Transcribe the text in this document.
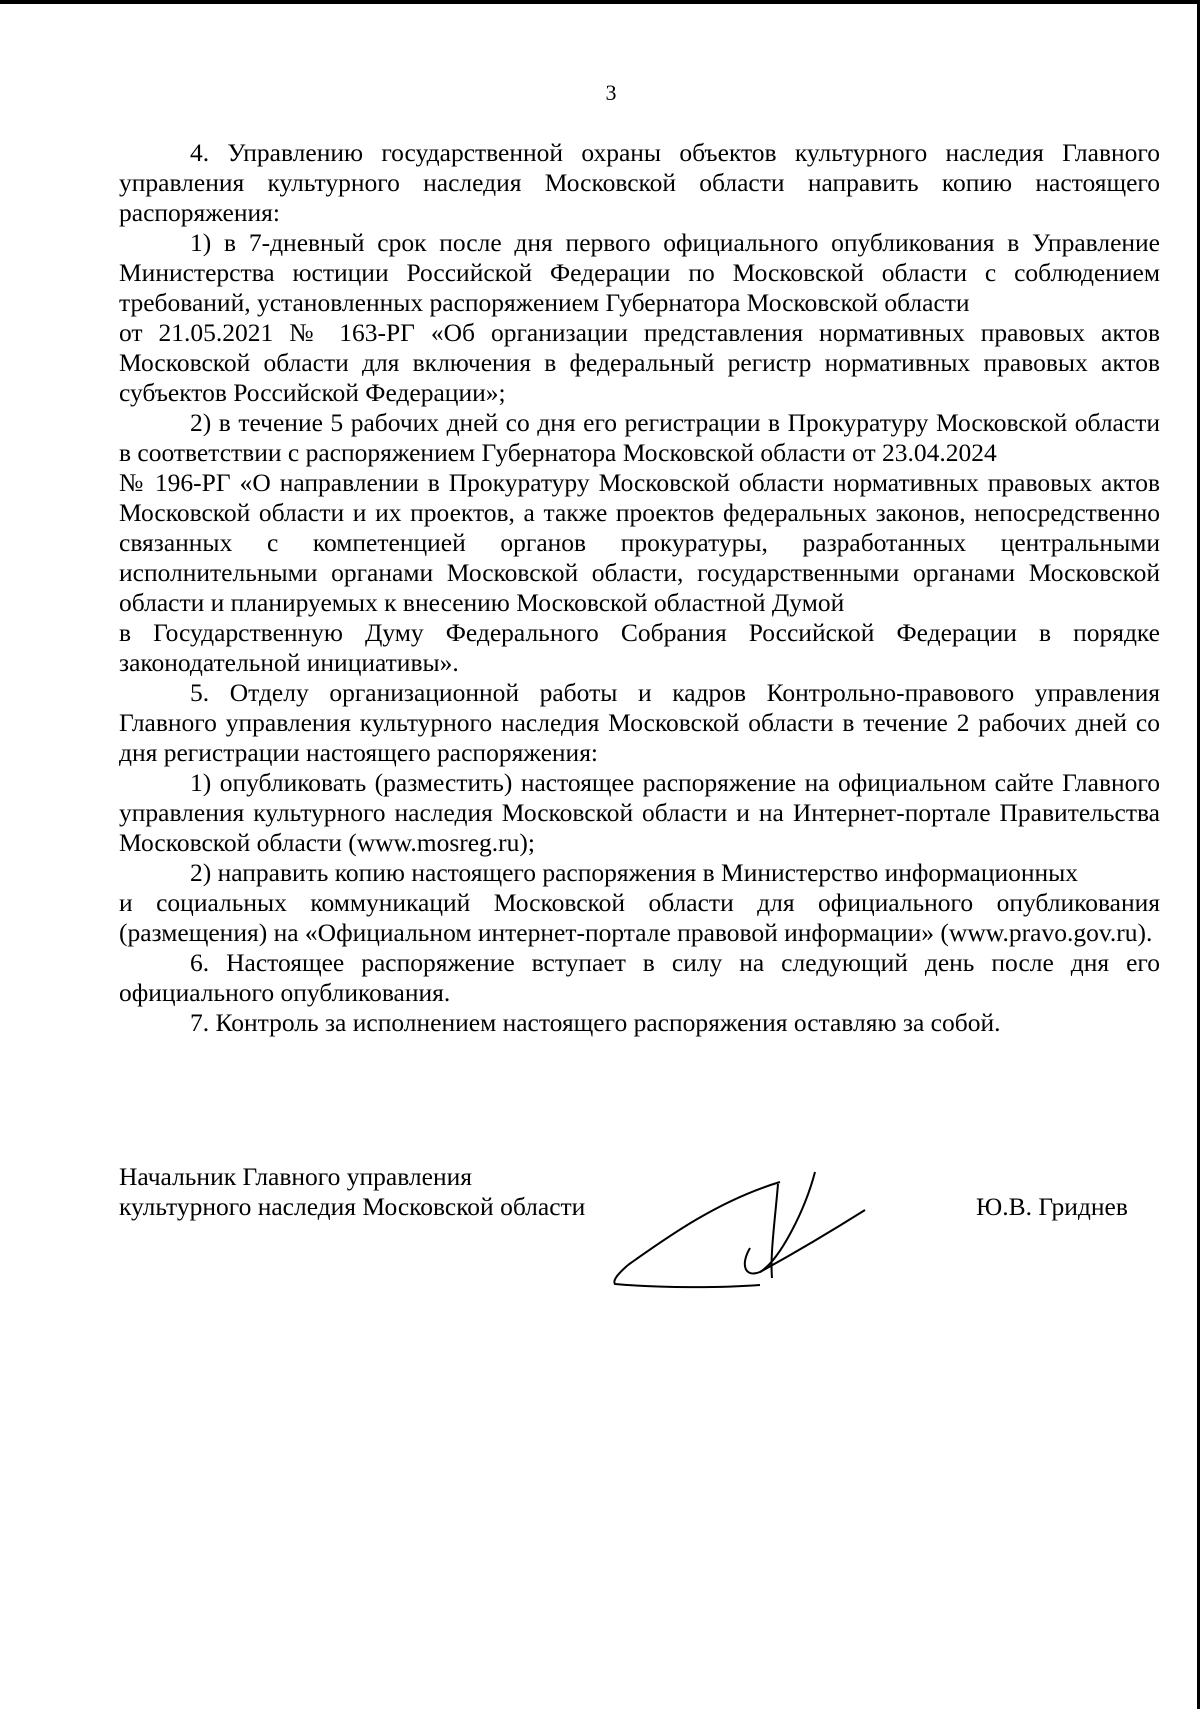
3

4. Управлению государственной охраны объектов культурного наследия Главного управления культурного наследия Московской области направить копию настоящего распоряжения:

1) в 7-дневный срок после дня первого официального опубликования в Управление Министерства юстиции Российской Федерации по Московской области с соблюдением требований, установленных распоряжением Губернатора Московской области
от 21.05.2021 № 163-РГ «Об организации представления нормативных правовых актов Московской области для включения в федеральный регистр нормативных правовых актов субъектов Российской Федерации»;

2) в течение 5 рабочих дней со дня его регистрации в Прокуратуру Московской области в соответствии с распоряжением Губернатора Московской области от 23.04.2024
№ 196-РГ «О направлении в Прокуратуру Московской области нормативных правовых актов Московской области и их проектов, а также проектов федеральных законов, непосредственно связанных с компетенцией органов прокуратуры, разработанных центральными исполнительными органами Московской области, государственными органами Московской области и планируемых к внесению Московской областной Думой
в Государственную Думу Федерального Собрания Российской Федерации в порядке законодательной инициативы».

5. Отделу организационной работы и кадров Контрольно-правового управления Главного управления культурного наследия Московской области в течение 2 рабочих дней со дня регистрации настоящего распоряжения:

1) опубликовать (разместить) настоящее распоряжение на официальном сайте Главного управления культурного наследия Московской области и на Интернет-портале Правительства Московской области (www.mosreg.ru);

2) направить копию настоящего распоряжения в Министерство информационных
и социальных коммуникаций Московской области для официального опубликования (размещения) на «Официальном интернет-портале правовой информации» (www.pravo.gov.ru).

6. Настоящее распоряжение вступает в силу на следующий день после дня его официального опубликования.

7. Контроль за исполнением настоящего распоряжения оставляю за собой.

Начальник Главного управления
культурного наследия Московской области	Ю.В. Гриднев
